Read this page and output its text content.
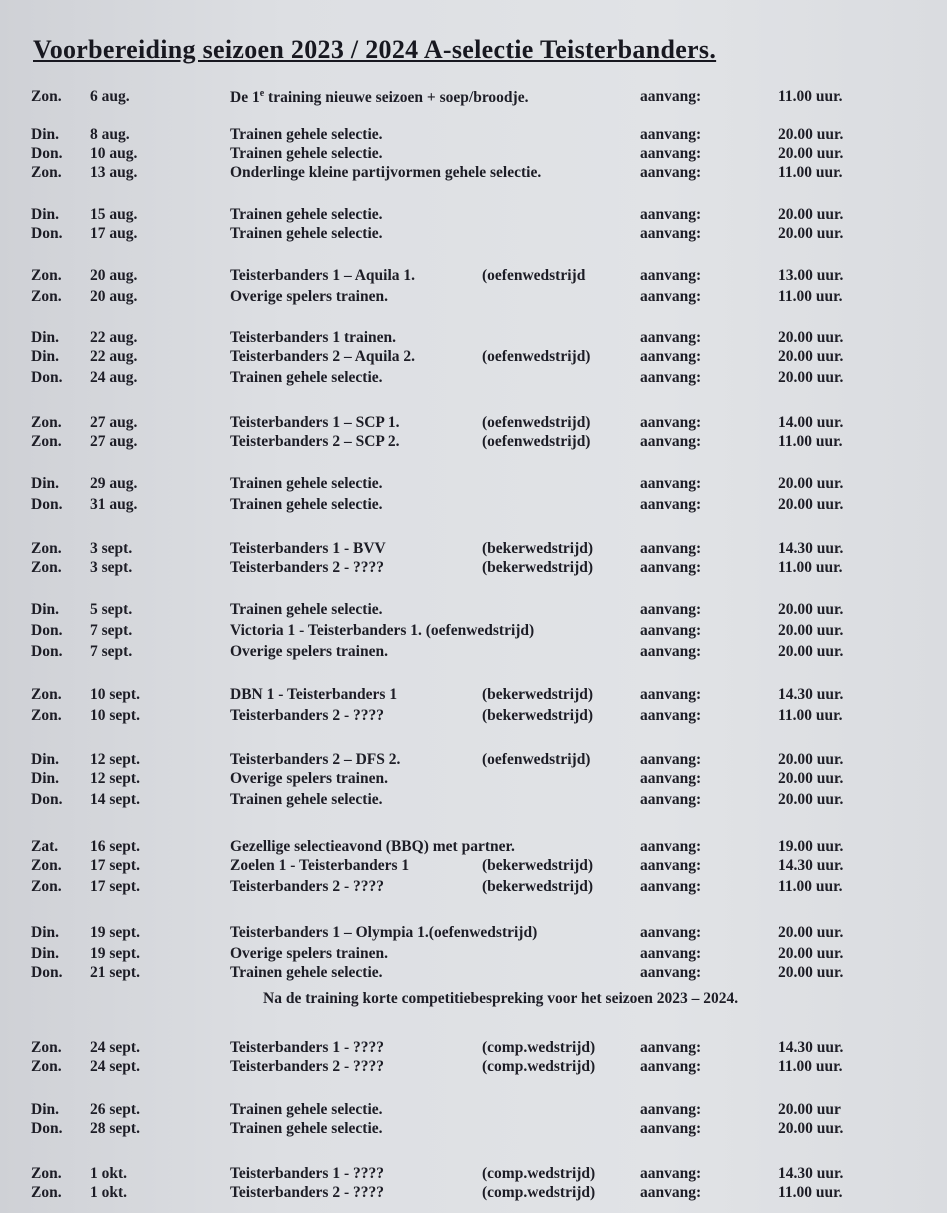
Voorbereiding seizoen 2023 / 2024 A-selectie Teisterbanders.
Zon. 6 aug.	De 1e training nieuwe seizoen + soep/broodje.	aanvang:	11.00 uur.
Din. 8 aug.	Trainen gehele selectie.	aanvang:	20.00 uur.
Don. 10 aug.	Trainen gehele selectie.	aanvang:	20.00 uur.
Zon. 13 aug.	Onderlinge kleine partijvormen gehele selectie.	aanvang:	11.00 uur.
Din. 15 aug.	Trainen gehele selectie.	aanvang:	20.00 uur.
Don. 17 aug.	Trainen gehele selectie.	aanvang:	20.00 uur.
Zon. 20 aug.	Teisterbanders 1 – Aquila 1.	(oefenwedstrijd	aanvang:	13.00 uur.
Zon. 20 aug.	Overige spelers trainen.	aanvang:	11.00 uur.
Din. 22 aug.	Teisterbanders 1 trainen.	aanvang:	20.00 uur.
Din. 22 aug.	Teisterbanders 2 – Aquila 2.	(oefenwedstrijd)	aanvang:	20.00 uur.
Don. 24 aug.	Trainen gehele selectie.	aanvang:	20.00 uur.
Zon. 27 aug.	Teisterbanders 1 – SCP 1.	(oefenwedstrijd)	aanvang:	14.00 uur.
Zon. 27 aug.	Teisterbanders 2 – SCP 2.	(oefenwedstrijd)	aanvang:	11.00 uur.
Din. 29 aug.	Trainen gehele selectie.	aanvang:	20.00 uur.
Don. 31 aug.	Trainen gehele selectie.	aanvang:	20.00 uur.
Zon. 3 sept.	Teisterbanders 1 - BVV	(bekerwedstrijd)	aanvang:	14.30 uur.
Zon. 3 sept.	Teisterbanders 2 - ????	(bekerwedstrijd)	aanvang:	11.00 uur.
Din. 5 sept.	Trainen gehele selectie.	aanvang:	20.00 uur.
Don. 7 sept.	Victoria 1 - Teisterbanders 1. (oefenwedstrijd)	aanvang:	20.00 uur.
Don. 7 sept.	Overige spelers trainen.	aanvang:	20.00 uur.
Zon. 10 sept.	DBN 1 - Teisterbanders 1	(bekerwedstrijd)	aanvang:	14.30 uur.
Zon. 10 sept.	Teisterbanders 2 - ????	(bekerwedstrijd)	aanvang:	11.00 uur.
Din. 12 sept.	Teisterbanders 2 – DFS 2.	(oefenwedstrijd)	aanvang:	20.00 uur.
Din. 12 sept.	Overige spelers trainen.	aanvang:	20.00 uur.
Don. 14 sept.	Trainen gehele selectie.	aanvang:	20.00 uur.
Zat. 16 sept.	Gezellige selectieavond (BBQ) met partner.	aanvang:	19.00 uur.
Zon. 17 sept.	Zoelen 1 - Teisterbanders 1	(bekerwedstrijd)	aanvang:	14.30 uur.
Zon. 17 sept.	Teisterbanders 2 - ????	(bekerwedstrijd)	aanvang:	11.00 uur.
Din. 19 sept.	Teisterbanders 1 – Olympia 1.(oefenwedstrijd)	aanvang:	20.00 uur.
Din. 19 sept.	Overige spelers trainen.	aanvang:	20.00 uur.
Don. 21 sept.	Trainen gehele selectie.	aanvang:	20.00 uur.
Zon. 24 sept.	Teisterbanders 1 - ????	(comp.wedstrijd)	aanvang:	14.30 uur.
Zon. 24 sept.	Teisterbanders 2 - ????	(comp.wedstrijd)	aanvang:	11.00 uur.
Din. 26 sept.	Trainen gehele selectie.	aanvang:	20.00 uur
Don. 28 sept.	Trainen gehele selectie.	aanvang:	20.00 uur.
Zon. 1 okt.	Teisterbanders 1 - ????	(comp.wedstrijd)	aanvang:	14.30 uur.
Zon. 1 okt.	Teisterbanders 2 - ????	(comp.wedstrijd)	aanvang:	11.00 uur.
Na de training korte competitiebespreking voor het seizoen 2023 – 2024.
